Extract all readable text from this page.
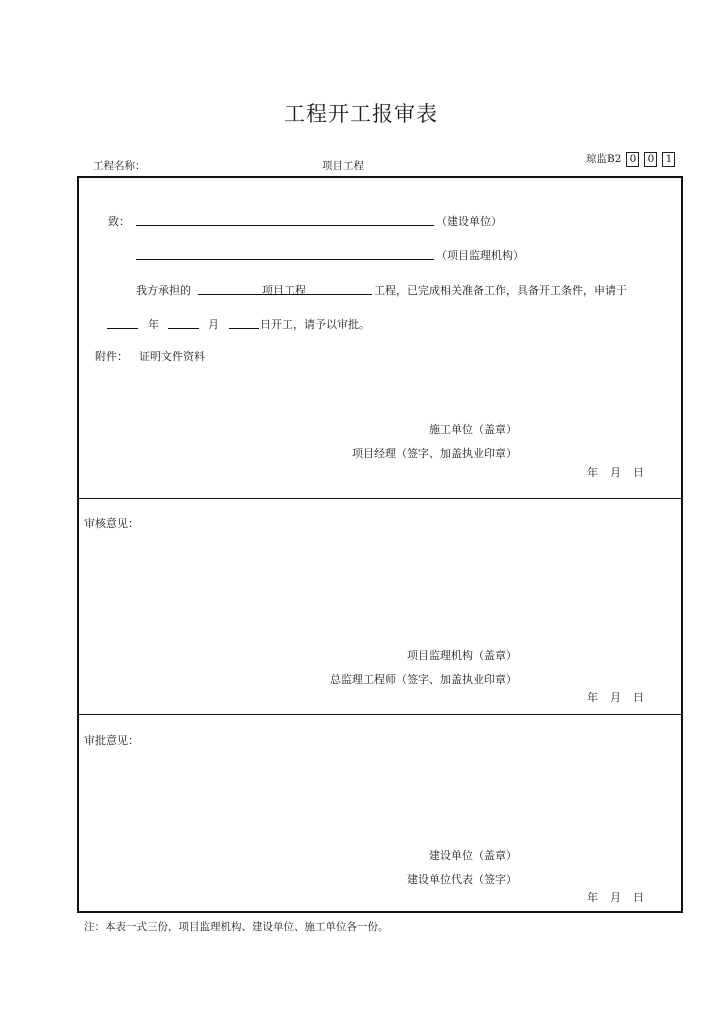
工程开工报审表
工程名称：	项目工程
琼监B2 0 0 1
致：	（建设单位）
（项目监理机构）
我方承担的	项目工程	工程，已完成相关准备工作，具备开工条件，申请于
年	月	日开工，请予以审批。
附件： 证明文件资料
施工单位（盖章）
项目经理（签字、加盖执业印章）
年 月 日
审核意见：
项目监理机构（盖章）
总监理工程师（签字、加盖执业印章）
年 月 日
审批意见：
建设单位（盖章）
建设单位代表（签字）
年 月 日
注：本表一式三份，项目监理机构、建设单位、施工单位各一份。
